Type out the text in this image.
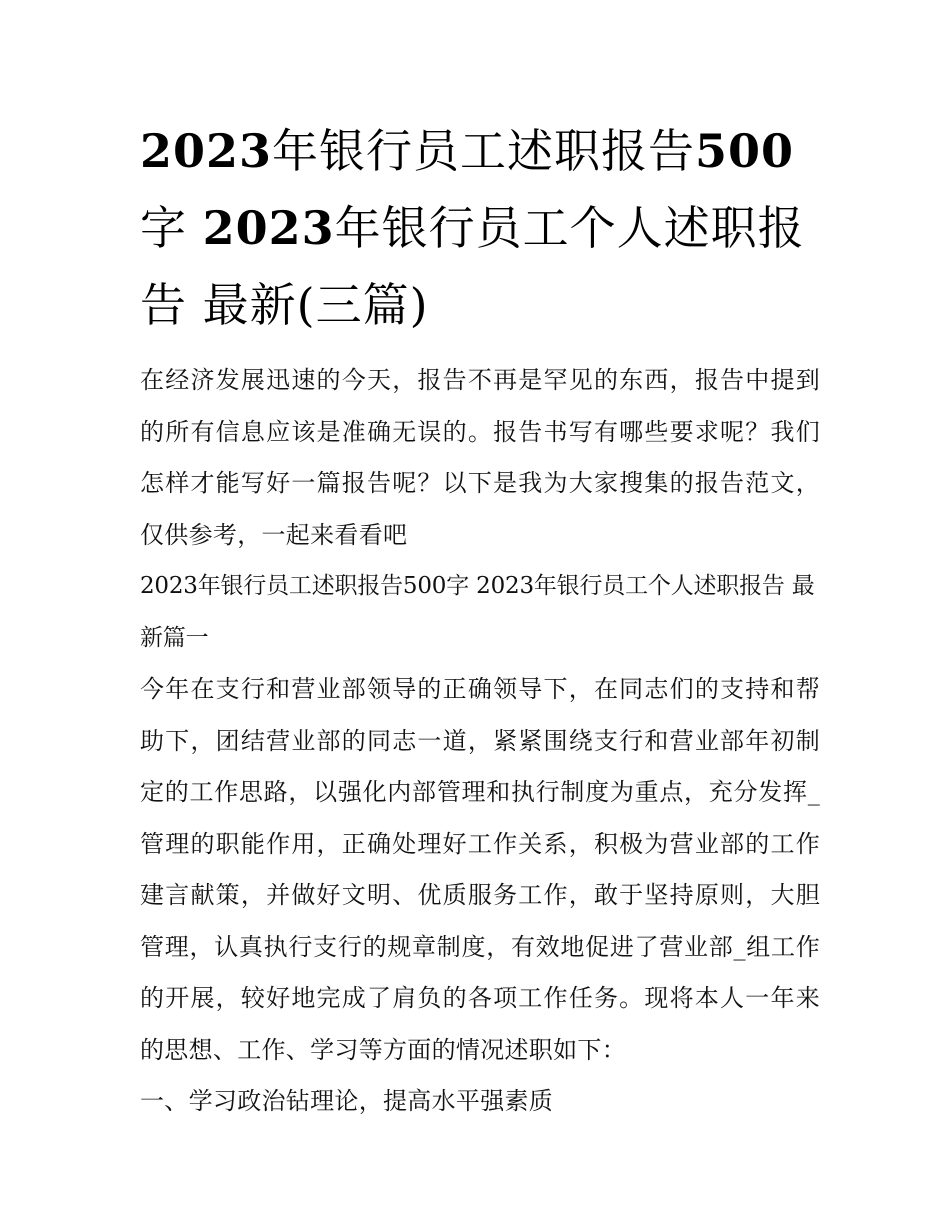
2023年银行员工述职报告500字 2023年银行员工个人述职报告 最新(三篇)

在经济发展迅速的今天，报告不再是罕见的东西，报告中提到的所有信息应该是准确无误的。报告书写有哪些要求呢？我们怎样才能写好一篇报告呢？以下是我为大家搜集的报告范文，仅供参考，一起来看看吧

2023年银行员工述职报告500字 2023年银行员工个人述职报告 最新篇一

今年在支行和营业部领导的正确领导下，在同志们的支持和帮助下，团结营业部的同志一道，紧紧围绕支行和营业部年初制定的工作思路，以强化内部管理和执行制度为重点，充分发挥_管理的职能作用，正确处理好工作关系，积极为营业部的工作建言献策，并做好文明、优质服务工作，敢于坚持原则，大胆管理，认真执行支行的规章制度，有效地促进了营业部_组工作的开展，较好地完成了肩负的各项工作任务。现将本人一年来的思想、工作、学习等方面的情况述职如下：

一、学习政治钻理论，提高水平强素质
